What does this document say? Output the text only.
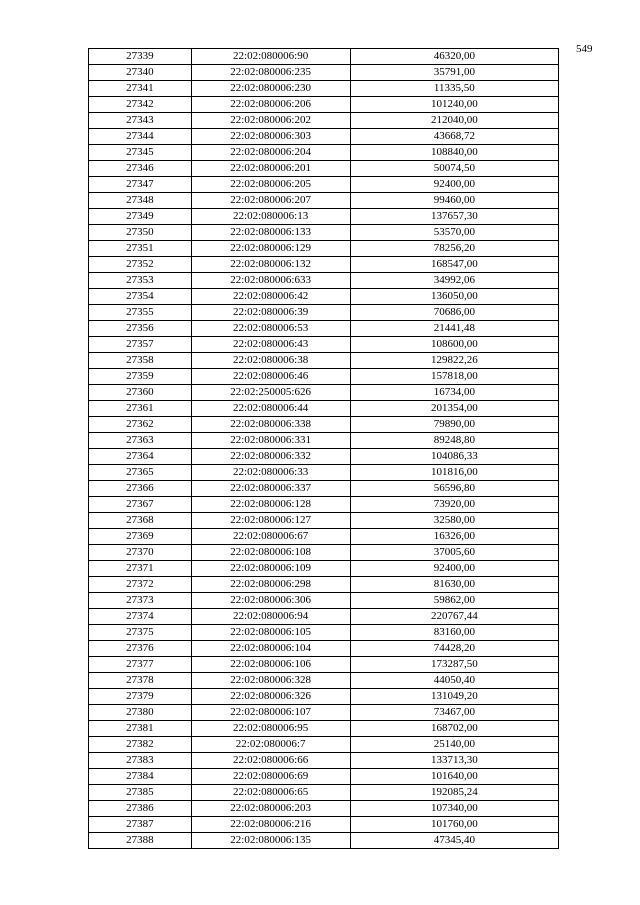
549
27339	22:02:080006:90	46320,00
27340	22:02:080006:235	35791,00
27341	22:02:080006:230	11335,50
27342	22:02:080006:206	101240,00
27343	22:02:080006:202	212040,00
27344	22:02:080006:303	43668,72
27345	22:02:080006:204	108840,00
27346	22:02:080006:201	50074,50
27347	22:02:080006:205	92400,00
27348	22:02:080006:207	99460,00
27349	22:02:080006:13	137657,30
27350	22:02:080006:133	53570,00
27351	22:02:080006:129	78256,20
27352	22:02:080006:132	168547,00
27353	22:02:080006:633	34992,06
27354	22:02:080006:42	136050,00
27355	22:02:080006:39	70686,00
27356	22:02:080006:53	21441,48
27357	22:02:080006:43	108600,00
27358	22:02:080006:38	129822,26
27359	22:02:080006:46	157818,00
27360	22:02:250005:626	16734,00
27361	22:02:080006:44	201354,00
27362	22:02:080006:338	79890,00
27363	22:02:080006:331	89248,80
27364	22:02:080006:332	104086,33
27365	22:02:080006:33	101816,00
27366	22:02:080006:337	56596,80
27367	22:02:080006:128	73920,00
27368	22:02:080006:127	32580,00
27369	22:02:080006:67	16326,00
27370	22:02:080006:108	37005,60
27371	22:02:080006:109	92400,00
27372	22:02:080006:298	81630,00
27373	22:02:080006:306	59862,00
27374	22:02:080006:94	220767,44
27375	22:02:080006:105	83160,00
27376	22:02:080006:104	74428,20
27377	22:02:080006:106	173287,50
27378	22:02:080006:328	44050,40
27379	22:02:080006:326	131049,20
27380	22:02:080006:107	73467,00
27381	22:02:080006:95	168702,00
27382	22:02:080006:7	25140,00
27383	22:02:080006:66	133713,30
27384	22:02:080006:69	101640,00
27385	22:02:080006:65	192085,24
27386	22:02:080006:203	107340,00
27387	22:02:080006:216	101760,00
27388	22:02:080006:135	47345,40
